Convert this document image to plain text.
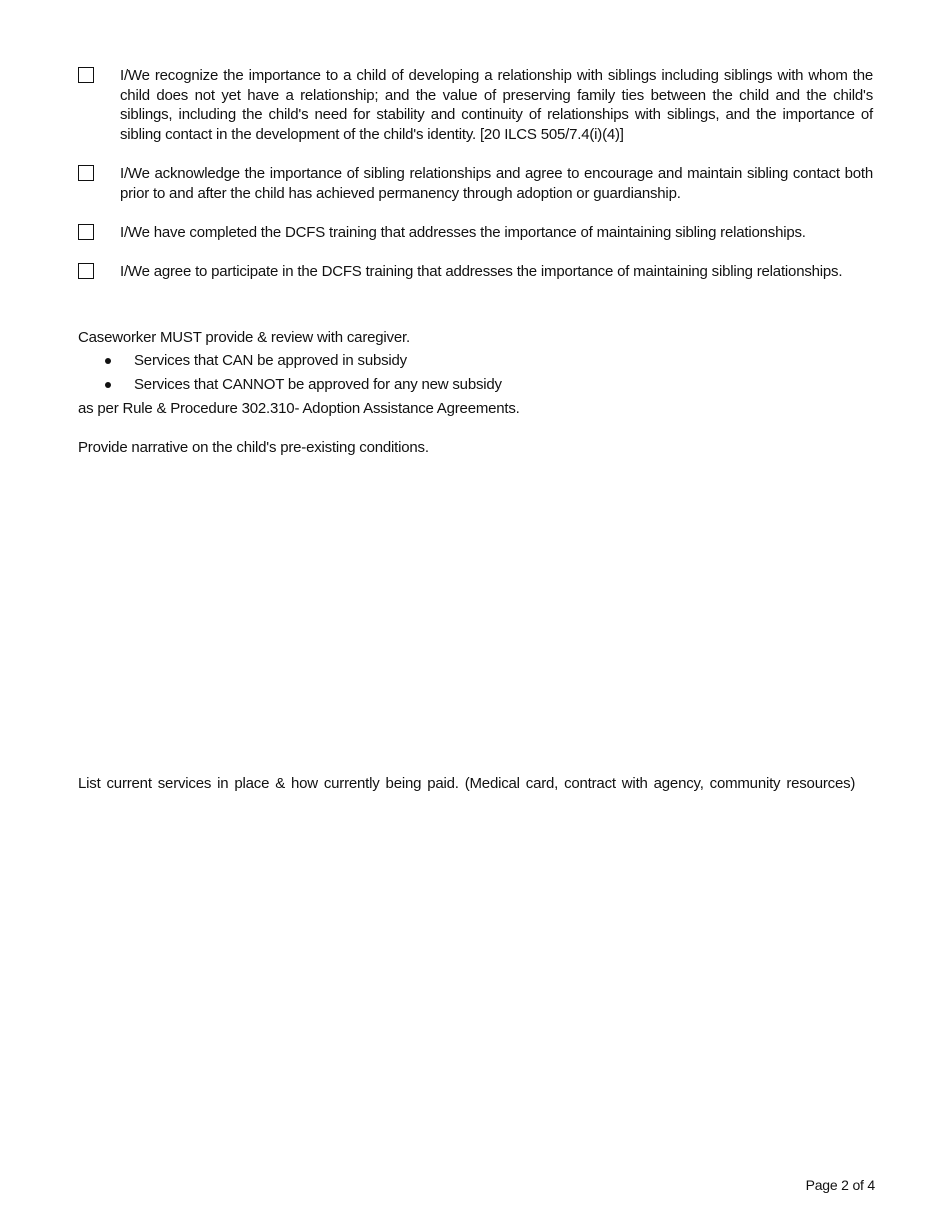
I/We recognize the importance to a child of developing a relationship with siblings including siblings with whom the child does not yet have a relationship; and the value of preserving family ties between the child and the child's siblings, including the child's need for stability and continuity of relationships with siblings, and the importance of sibling contact in the development of the child's identity. [20 ILCS 505/7.4(i)(4)]
I/We acknowledge the importance of sibling relationships and agree to encourage and maintain sibling contact both prior to and after the child has achieved permanency through adoption or guardianship.
I/We have completed the DCFS training that addresses the importance of maintaining sibling relationships.
I/We agree to participate in the DCFS training that addresses the importance of maintaining sibling relationships.
Caseworker MUST provide & review with caregiver.
Services that CAN be approved in subsidy
Services that CANNOT be approved for any new subsidy
as per Rule & Procedure 302.310- Adoption Assistance Agreements.
Provide narrative on the child's pre-existing conditions.
List current services in place & how currently being paid. (Medical card, contract with agency, community resources)
Page 2 of 4
